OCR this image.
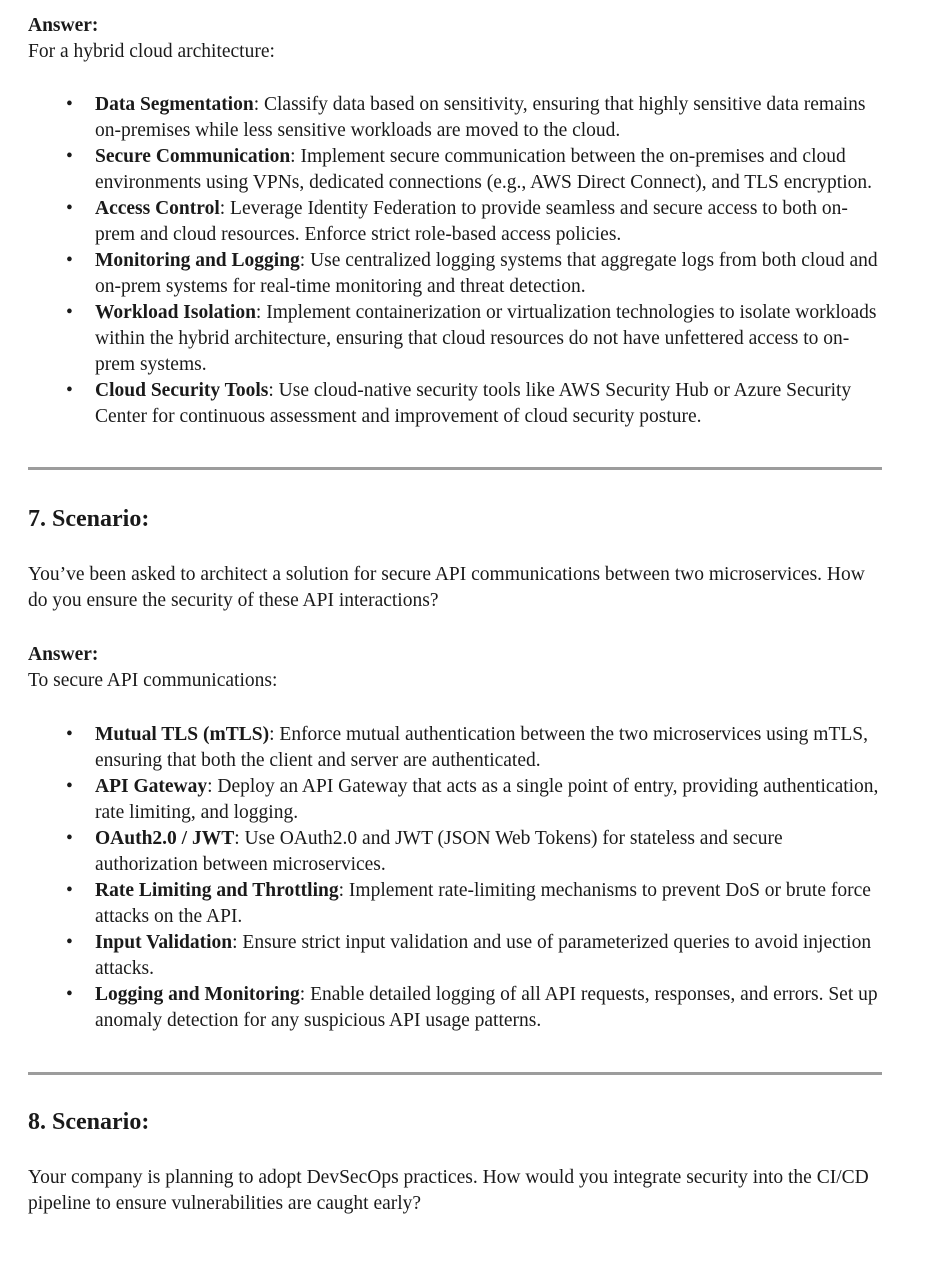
Answer:
For a hybrid cloud architecture:
• Data Segmentation: Classify data based on sensitivity, ensuring that highly sensitive data remains on-premises while less sensitive workloads are moved to the cloud.
• Secure Communication: Implement secure communication between the on-premises and cloud environments using VPNs, dedicated connections (e.g., AWS Direct Connect), and TLS encryption.
• Access Control: Leverage Identity Federation to provide seamless and secure access to both on-prem and cloud resources. Enforce strict role-based access policies.
• Monitoring and Logging: Use centralized logging systems that aggregate logs from both cloud and on-prem systems for real-time monitoring and threat detection.
• Workload Isolation: Implement containerization or virtualization technologies to isolate workloads within the hybrid architecture, ensuring that cloud resources do not have unfettered access to on-prem systems.
• Cloud Security Tools: Use cloud-native security tools like AWS Security Hub or Azure Security Center for continuous assessment and improvement of cloud security posture.
7. Scenario:

You’ve been asked to architect a solution for secure API communications between two microservices. How do you ensure the security of these API interactions?

Answer:
To secure API communications:
• Mutual TLS (mTLS): Enforce mutual authentication between the two microservices using mTLS, ensuring that both the client and server are authenticated.
• API Gateway: Deploy an API Gateway that acts as a single point of entry, providing authentication, rate limiting, and logging.
• OAuth2.0 / JWT: Use OAuth2.0 and JWT (JSON Web Tokens) for stateless and secure authorization between microservices.
• Rate Limiting and Throttling: Implement rate-limiting mechanisms to prevent DoS or brute force attacks on the API.
• Input Validation: Ensure strict input validation and use of parameterized queries to avoid injection attacks.
• Logging and Monitoring: Enable detailed logging of all API requests, responses, and errors. Set up anomaly detection for any suspicious API usage patterns.
8. Scenario:

Your company is planning to adopt DevSecOps practices. How would you integrate security into the CI/CD pipeline to ensure vulnerabilities are caught early?
